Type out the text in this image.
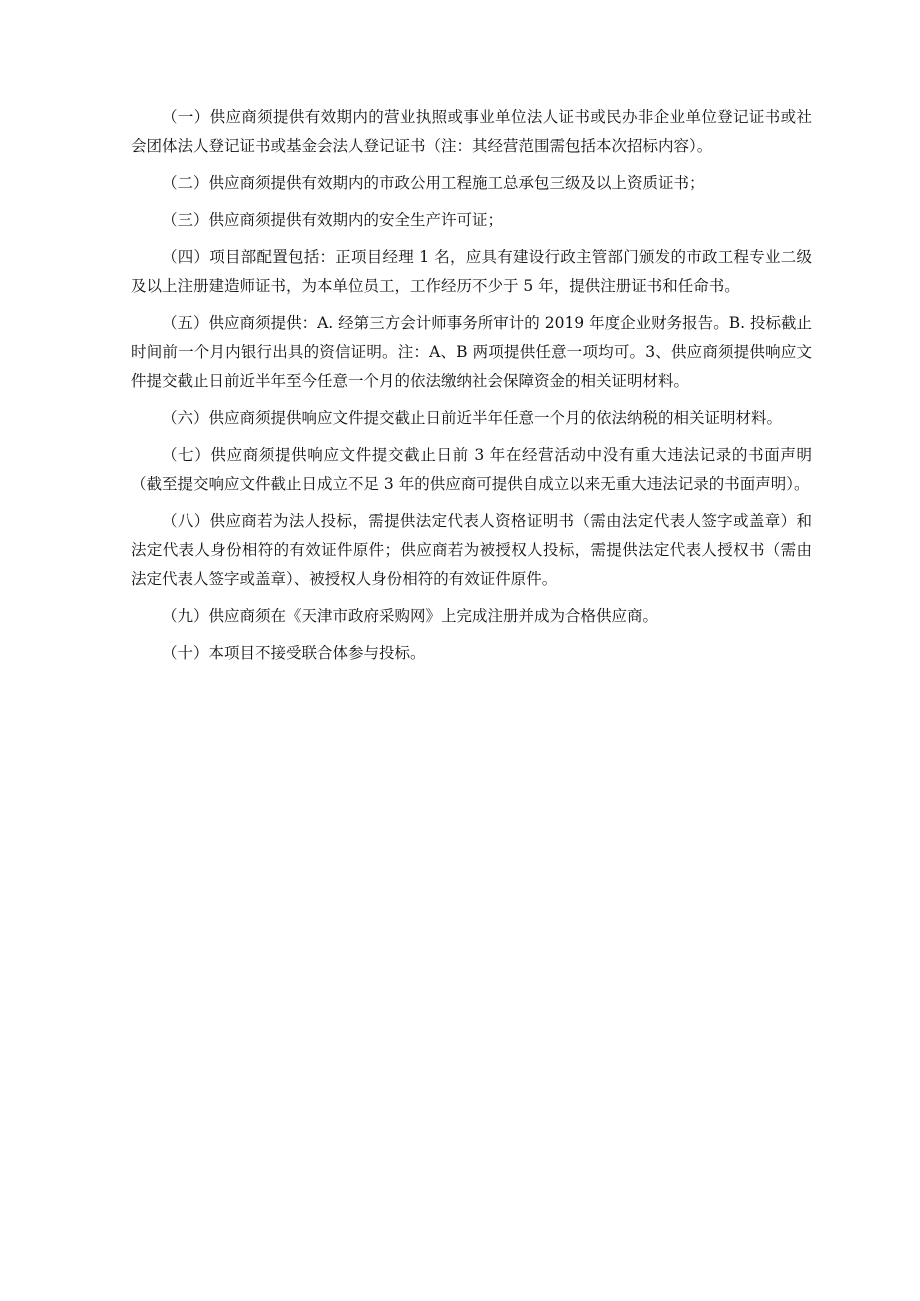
（一）供应商须提供有效期内的营业执照或事业单位法人证书或民办非企业单位登记证书或社会团体法人登记证书或基金会法人登记证书（注：其经营范围需包括本次招标内容）。

（二）供应商须提供有效期内的市政公用工程施工总承包三级及以上资质证书；

（三）供应商须提供有效期内的安全生产许可证；

（四）项目部配置包括：正项目经理 1 名，应具有建设行政主管部门颁发的市政工程专业二级及以上注册建造师证书，为本单位员工，工作经历不少于 5 年，提供注册证书和任命书。

（五）供应商须提供：A. 经第三方会计师事务所审计的 2019 年度企业财务报告。B. 投标截止时间前一个月内银行出具的资信证明。注：A、B 两项提供任意一项均可。3、供应商须提供响应文件提交截止日前近半年至今任意一个月的依法缴纳社会保障资金的相关证明材料。

（六）供应商须提供响应文件提交截止日前近半年任意一个月的依法纳税的相关证明材料。

（七）供应商须提供响应文件提交截止日前 3 年在经营活动中没有重大违法记录的书面声明（截至提交响应文件截止日成立不足 3 年的供应商可提供自成立以来无重大违法记录的书面声明）。

（八）供应商若为法人投标，需提供法定代表人资格证明书（需由法定代表人签字或盖章）和法定代表人身份相符的有效证件原件；供应商若为被授权人投标，需提供法定代表人授权书（需由法定代表人签字或盖章）、被授权人身份相符的有效证件原件。

（九）供应商须在《天津市政府采购网》上完成注册并成为合格供应商。

（十）本项目不接受联合体参与投标。
